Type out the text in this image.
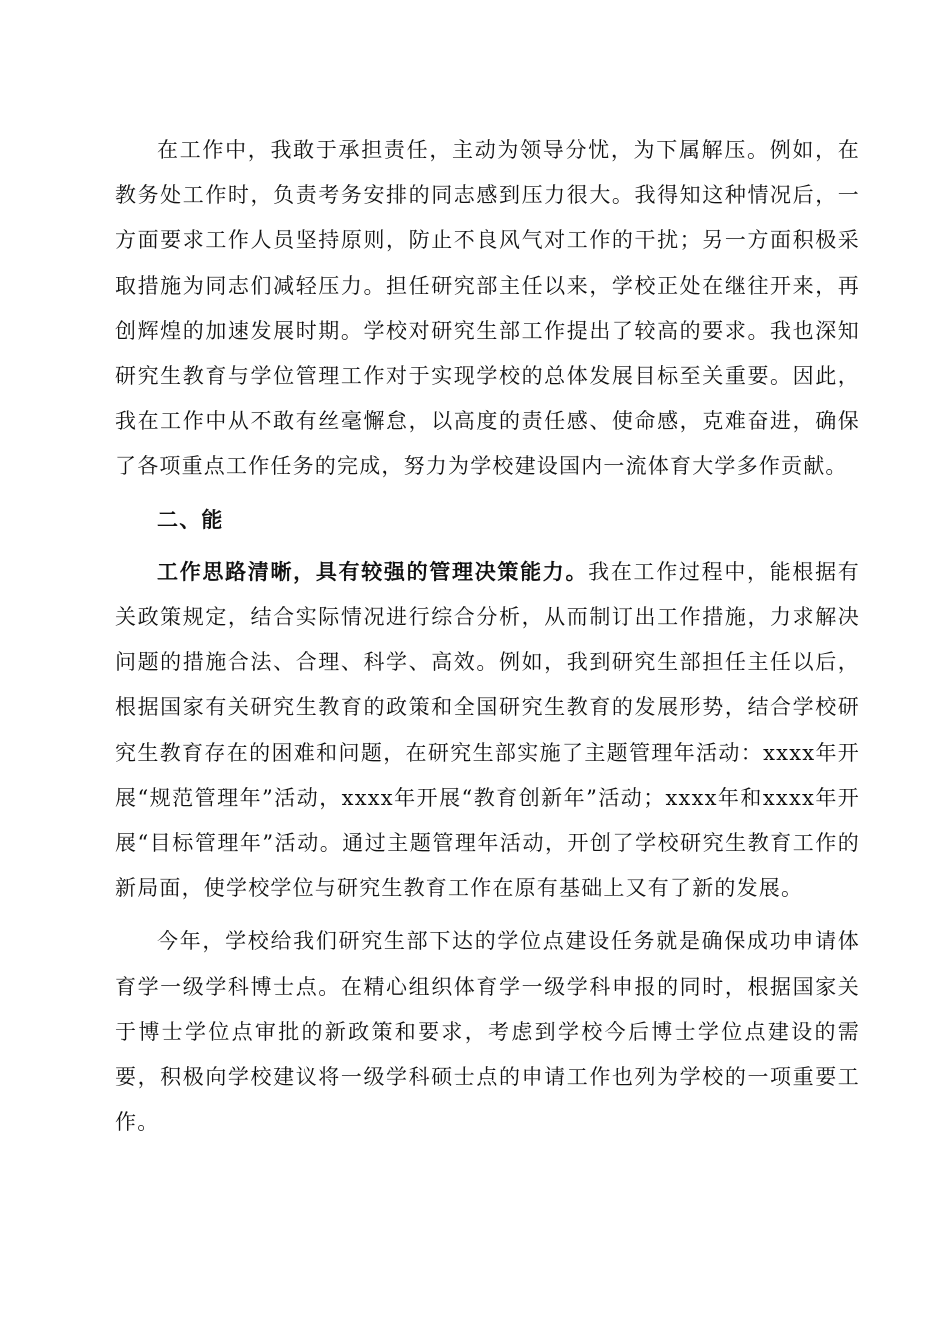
在工作中，我敢于承担责任，主动为领导分忧，为下属解压。例如，在教务处工作时，负责考务安排的同志感到压力很大。我得知这种情况后，一方面要求工作人员坚持原则，防止不良风气对工作的干扰；另一方面积极采取措施为同志们减轻压力。担任研究部主任以来，学校正处在继往开来，再创辉煌的加速发展时期。学校对研究生部工作提出了较高的要求。我也深知研究生教育与学位管理工作对于实现学校的总体发展目标至关重要。因此，我在工作中从不敢有丝毫懈怠，以高度的责任感、使命感，克难奋进，确保了各项重点工作任务的完成，努力为学校建设国内一流体育大学多作贡献。

二、能

工作思路清晰，具有较强的管理决策能力。我在工作过程中，能根据有关政策规定，结合实际情况进行综合分析，从而制订出工作措施，力求解决问题的措施合法、合理、科学、高效。例如，我到研究生部担任主任以后，根据国家有关研究生教育的政策和全国研究生教育的发展形势，结合学校研究生教育存在的困难和问题，在研究生部实施了主题管理年活动：xxxx年开展“规范管理年”活动，xxxx年开展“教育创新年”活动；xxxx年和xxxx年开展“目标管理年”活动。通过主题管理年活动，开创了学校研究生教育工作的新局面，使学校学位与研究生教育工作在原有基础上又有了新的发展。

今年，学校给我们研究生部下达的学位点建设任务就是确保成功申请体育学一级学科博士点。在精心组织体育学一级学科申报的同时，根据国家关于博士学位点审批的新政策和要求，考虑到学校今后博士学位点建设的需要，积极向学校建议将一级学科硕士点的申请工作也列为学校的一项重要工作。
